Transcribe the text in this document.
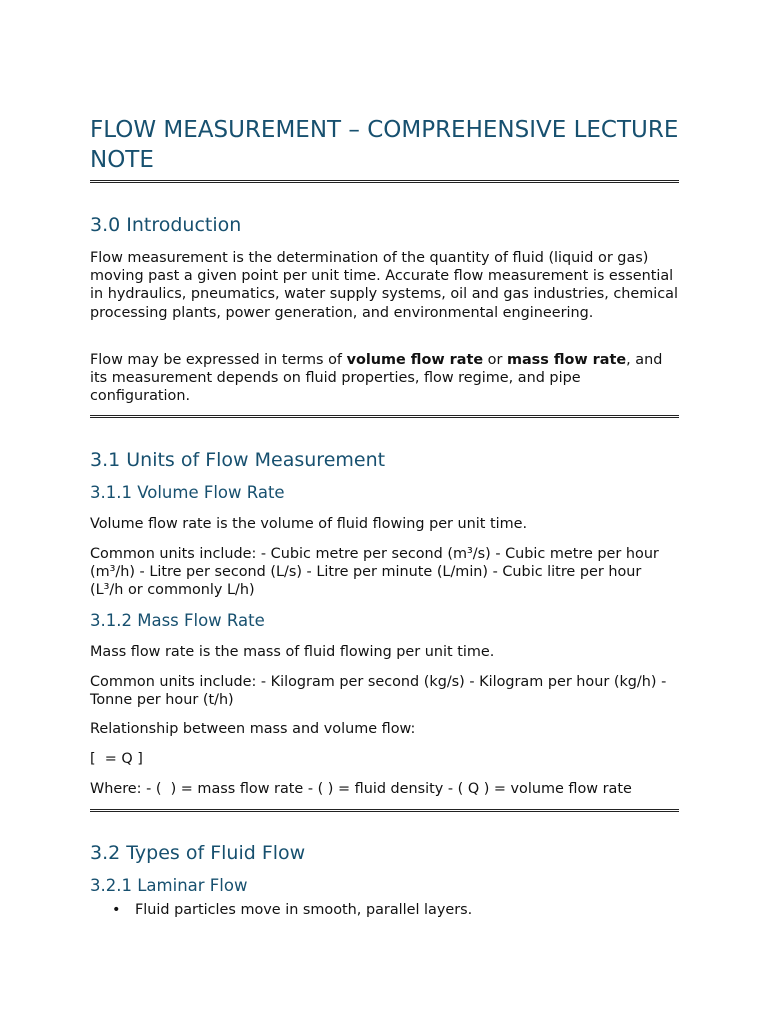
FLOW MEASUREMENT – COMPREHENSIVE LECTURE NOTE
3.0 Introduction

Flow measurement is the determination of the quantity of fluid (liquid or gas) moving past a given point per unit time. Accurate flow measurement is essential in hydraulics, pneumatics, water supply systems, oil and gas industries, chemical processing plants, power generation, and environmental engineering.

Flow may be expressed in terms of volume flow rate or mass flow rate, and its measurement depends on fluid properties, flow regime, and pipe configuration.

3.1 Units of Flow Measurement
3.1.1 Volume Flow Rate

Volume flow rate is the volume of fluid flowing per unit time.

Common units include: - Cubic metre per second (m³/s) - Cubic metre per hour (m³/h) - Litre per second (L/s) - Litre per minute (L/min) - Cubic litre per hour (L³/h or commonly L/h)

3.1.2 Mass Flow Rate

Mass flow rate is the mass of fluid flowing per unit time.

Common units include: - Kilogram per second (kg/s) - Kilogram per hour (kg/h) - Tonne per hour (t/h)

Relationship between mass and volume flow:

[  = Q ]

Where: - (  ) = mass flow rate - ( ) = fluid density - ( Q ) = volume flow rate

3.2 Types of Fluid Flow
3.2.1 Laminar Flow
• Fluid particles move in smooth, parallel layers.
